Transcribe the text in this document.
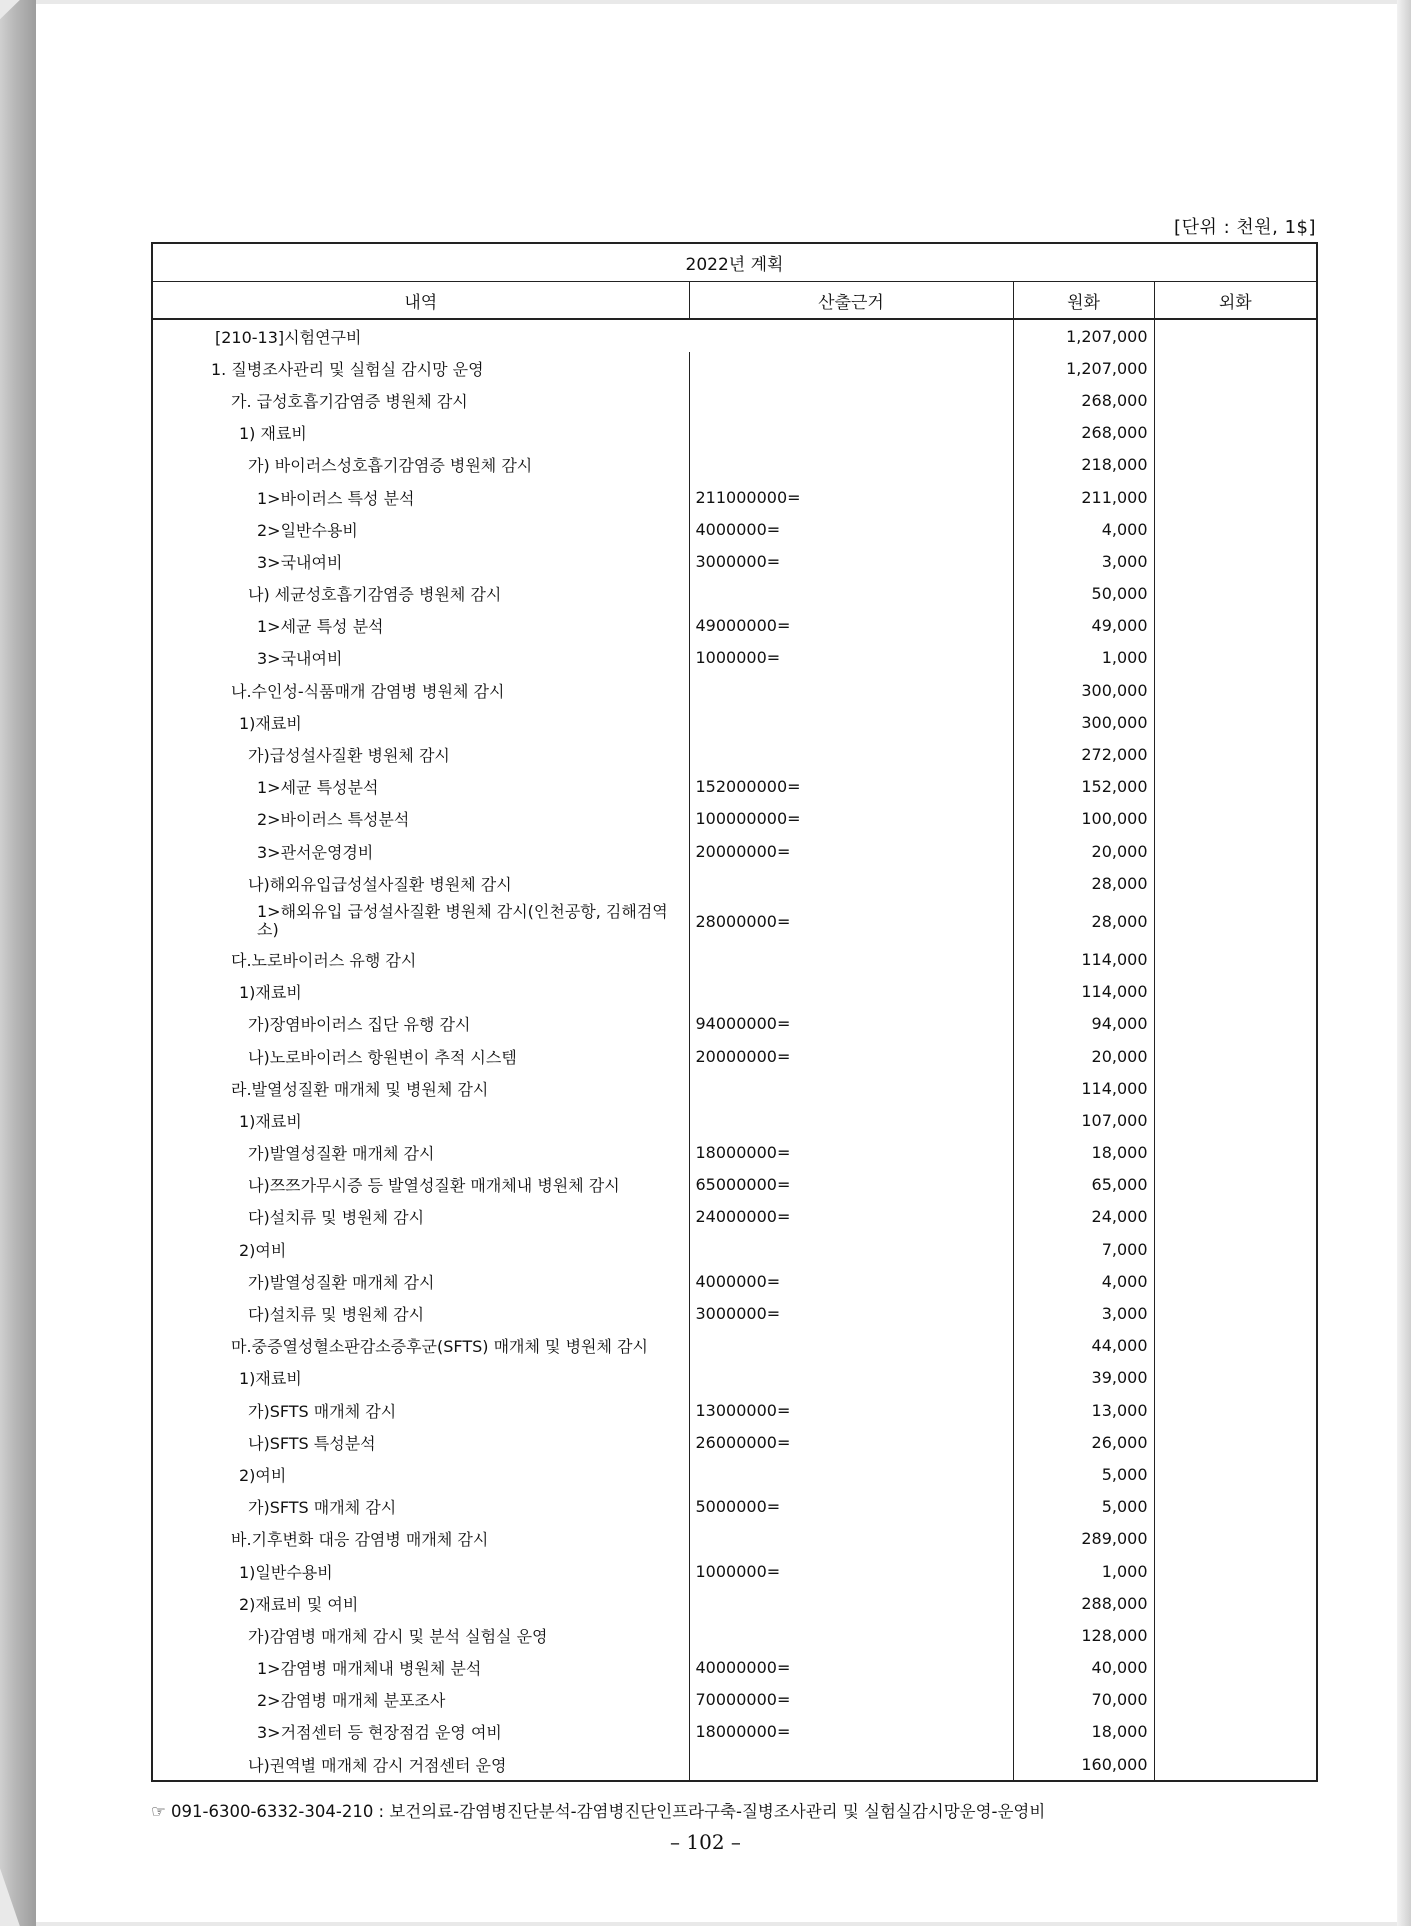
[단위 : 천원, 1$]
2022년 계획			
내역	산출근거	원화	외화
[210-13]시험연구비		1,207,000	
1. 질병조사관리 및 실험실 감시망 운영		1,207,000	
가. 급성호흡기감염증 병원체 감시		268,000	
1) 재료비		268,000	
가) 바이러스성호흡기감염증 병원체 감시		218,000	
1>바이러스 특성 분석	211000000=	211,000	
2>일반수용비	4000000=	4,000	
3>국내여비	3000000=	3,000	
나) 세균성호흡기감염증 병원체 감시		50,000	
1>세균 특성 분석	49000000=	49,000	
3>국내여비	1000000=	1,000	
나.수인성-식품매개 감염병 병원체 감시		300,000	
1)재료비		300,000	
가)급성설사질환 병원체 감시		272,000	
1>세균 특성분석	152000000=	152,000	
2>바이러스 특성분석	100000000=	100,000	
3>관서운영경비	20000000=	20,000	
나)해외유입급성설사질환 병원체 감시		28,000	
1>해외유입 급성설사질환 병원체 감시(인천공항, 김해검역소)	28000000=	28,000	
다.노로바이러스 유행 감시		114,000	
1)재료비		114,000	
가)장염바이러스 집단 유행 감시	94000000=	94,000	
나)노로바이러스 항원변이 추적 시스템	20000000=	20,000	
라.발열성질환 매개체 및 병원체 감시		114,000	
1)재료비		107,000	
가)발열성질환 매개체 감시	18000000=	18,000	
나)쯔쯔가무시증 등 발열성질환 매개체내 병원체 감시	65000000=	65,000	
다)설치류 및 병원체 감시	24000000=	24,000	
2)여비		7,000	
가)발열성질환 매개체 감시	4000000=	4,000	
다)설치류 및 병원체 감시	3000000=	3,000	
마.중증열성혈소판감소증후군(SFTS) 매개체 및 병원체 감시		44,000	
1)재료비		39,000	
가)SFTS 매개체 감시	13000000=	13,000	
나)SFTS 특성분석	26000000=	26,000	
2)여비		5,000	
가)SFTS 매개체 감시	5000000=	5,000	
바.기후변화 대응 감염병 매개체 감시		289,000	
1)일반수용비	1000000=	1,000	
2)재료비 및 여비		288,000	
가)감염병 매개체 감시 및 분석 실험실 운영		128,000	
1>감염병 매개체내 병원체 분석	40000000=	40,000	
2>감염병 매개체 분포조사	70000000=	70,000	
3>거점센터 등 현장점검 운영 여비	18000000=	18,000	
나)권역별 매개체 감시 거점센터 운영		160,000	
☞ 091-6300-6332-304-210 : 보건의료-감염병진단분석-감염병진단인프라구축-질병조사관리 및 실험실감시망운영-운영비
– 102 –
